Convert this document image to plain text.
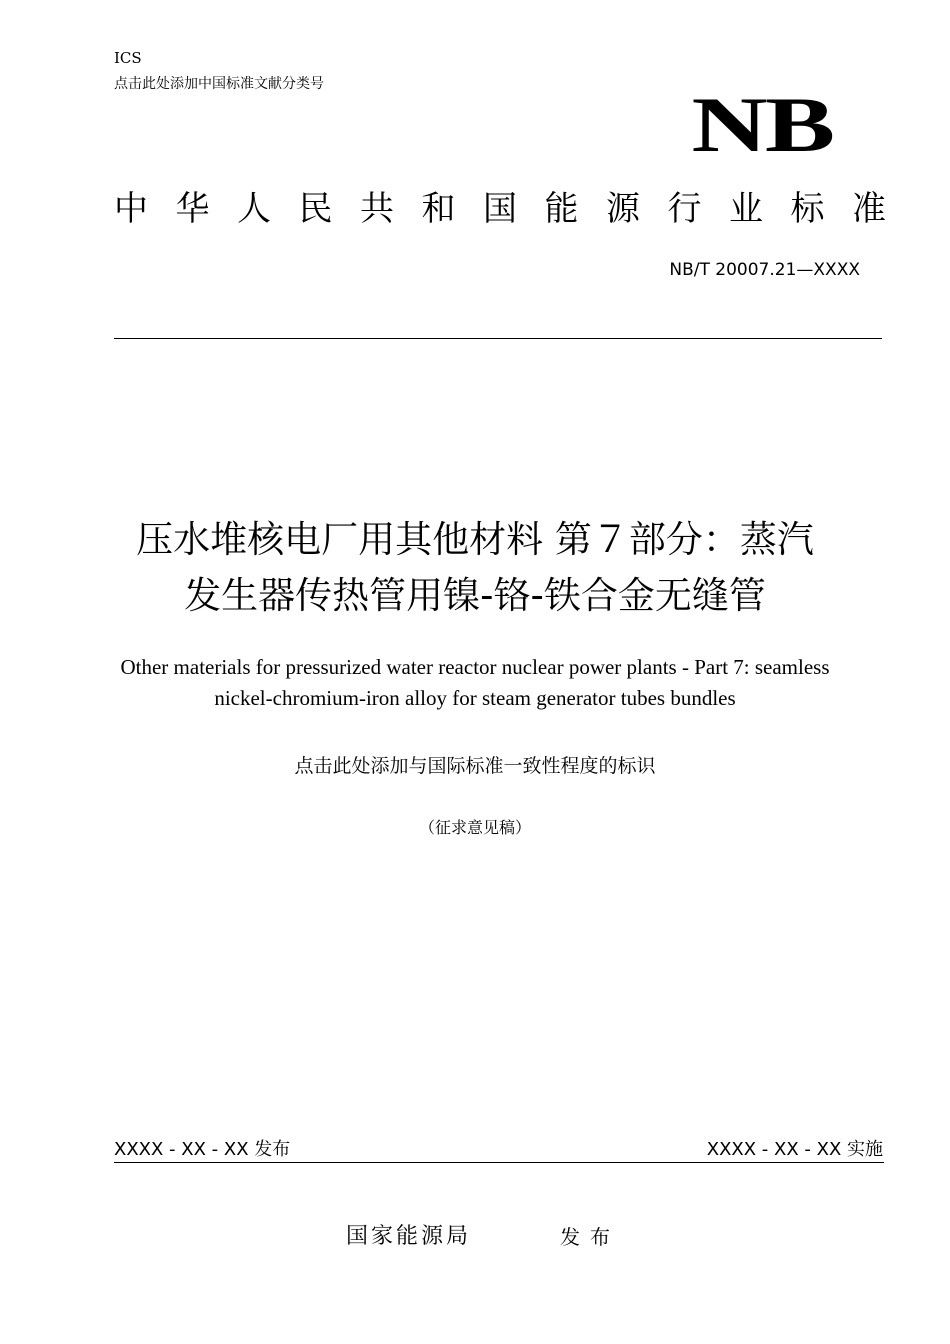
ICS
点击此处添加中国标准文献分类号	NB
中 华 人 民 共 和 国 能 源 行 业 标 准
NB/T 20007.21—XXXX
压水堆核电厂用其他材料 第７部分：蒸汽
发生器传热管用镍-铬-铁合金无缝管
Other materials for pressurized water reactor nuclear power plants - Part 7: seamless
nickel-chromium-iron alloy for steam generator tubes bundles
点击此处添加与国际标准一致性程度的标识
（征求意见稿）
XXXX - XX - XX 发布	XXXX - XX - XX 实施
国家能源局	发布
